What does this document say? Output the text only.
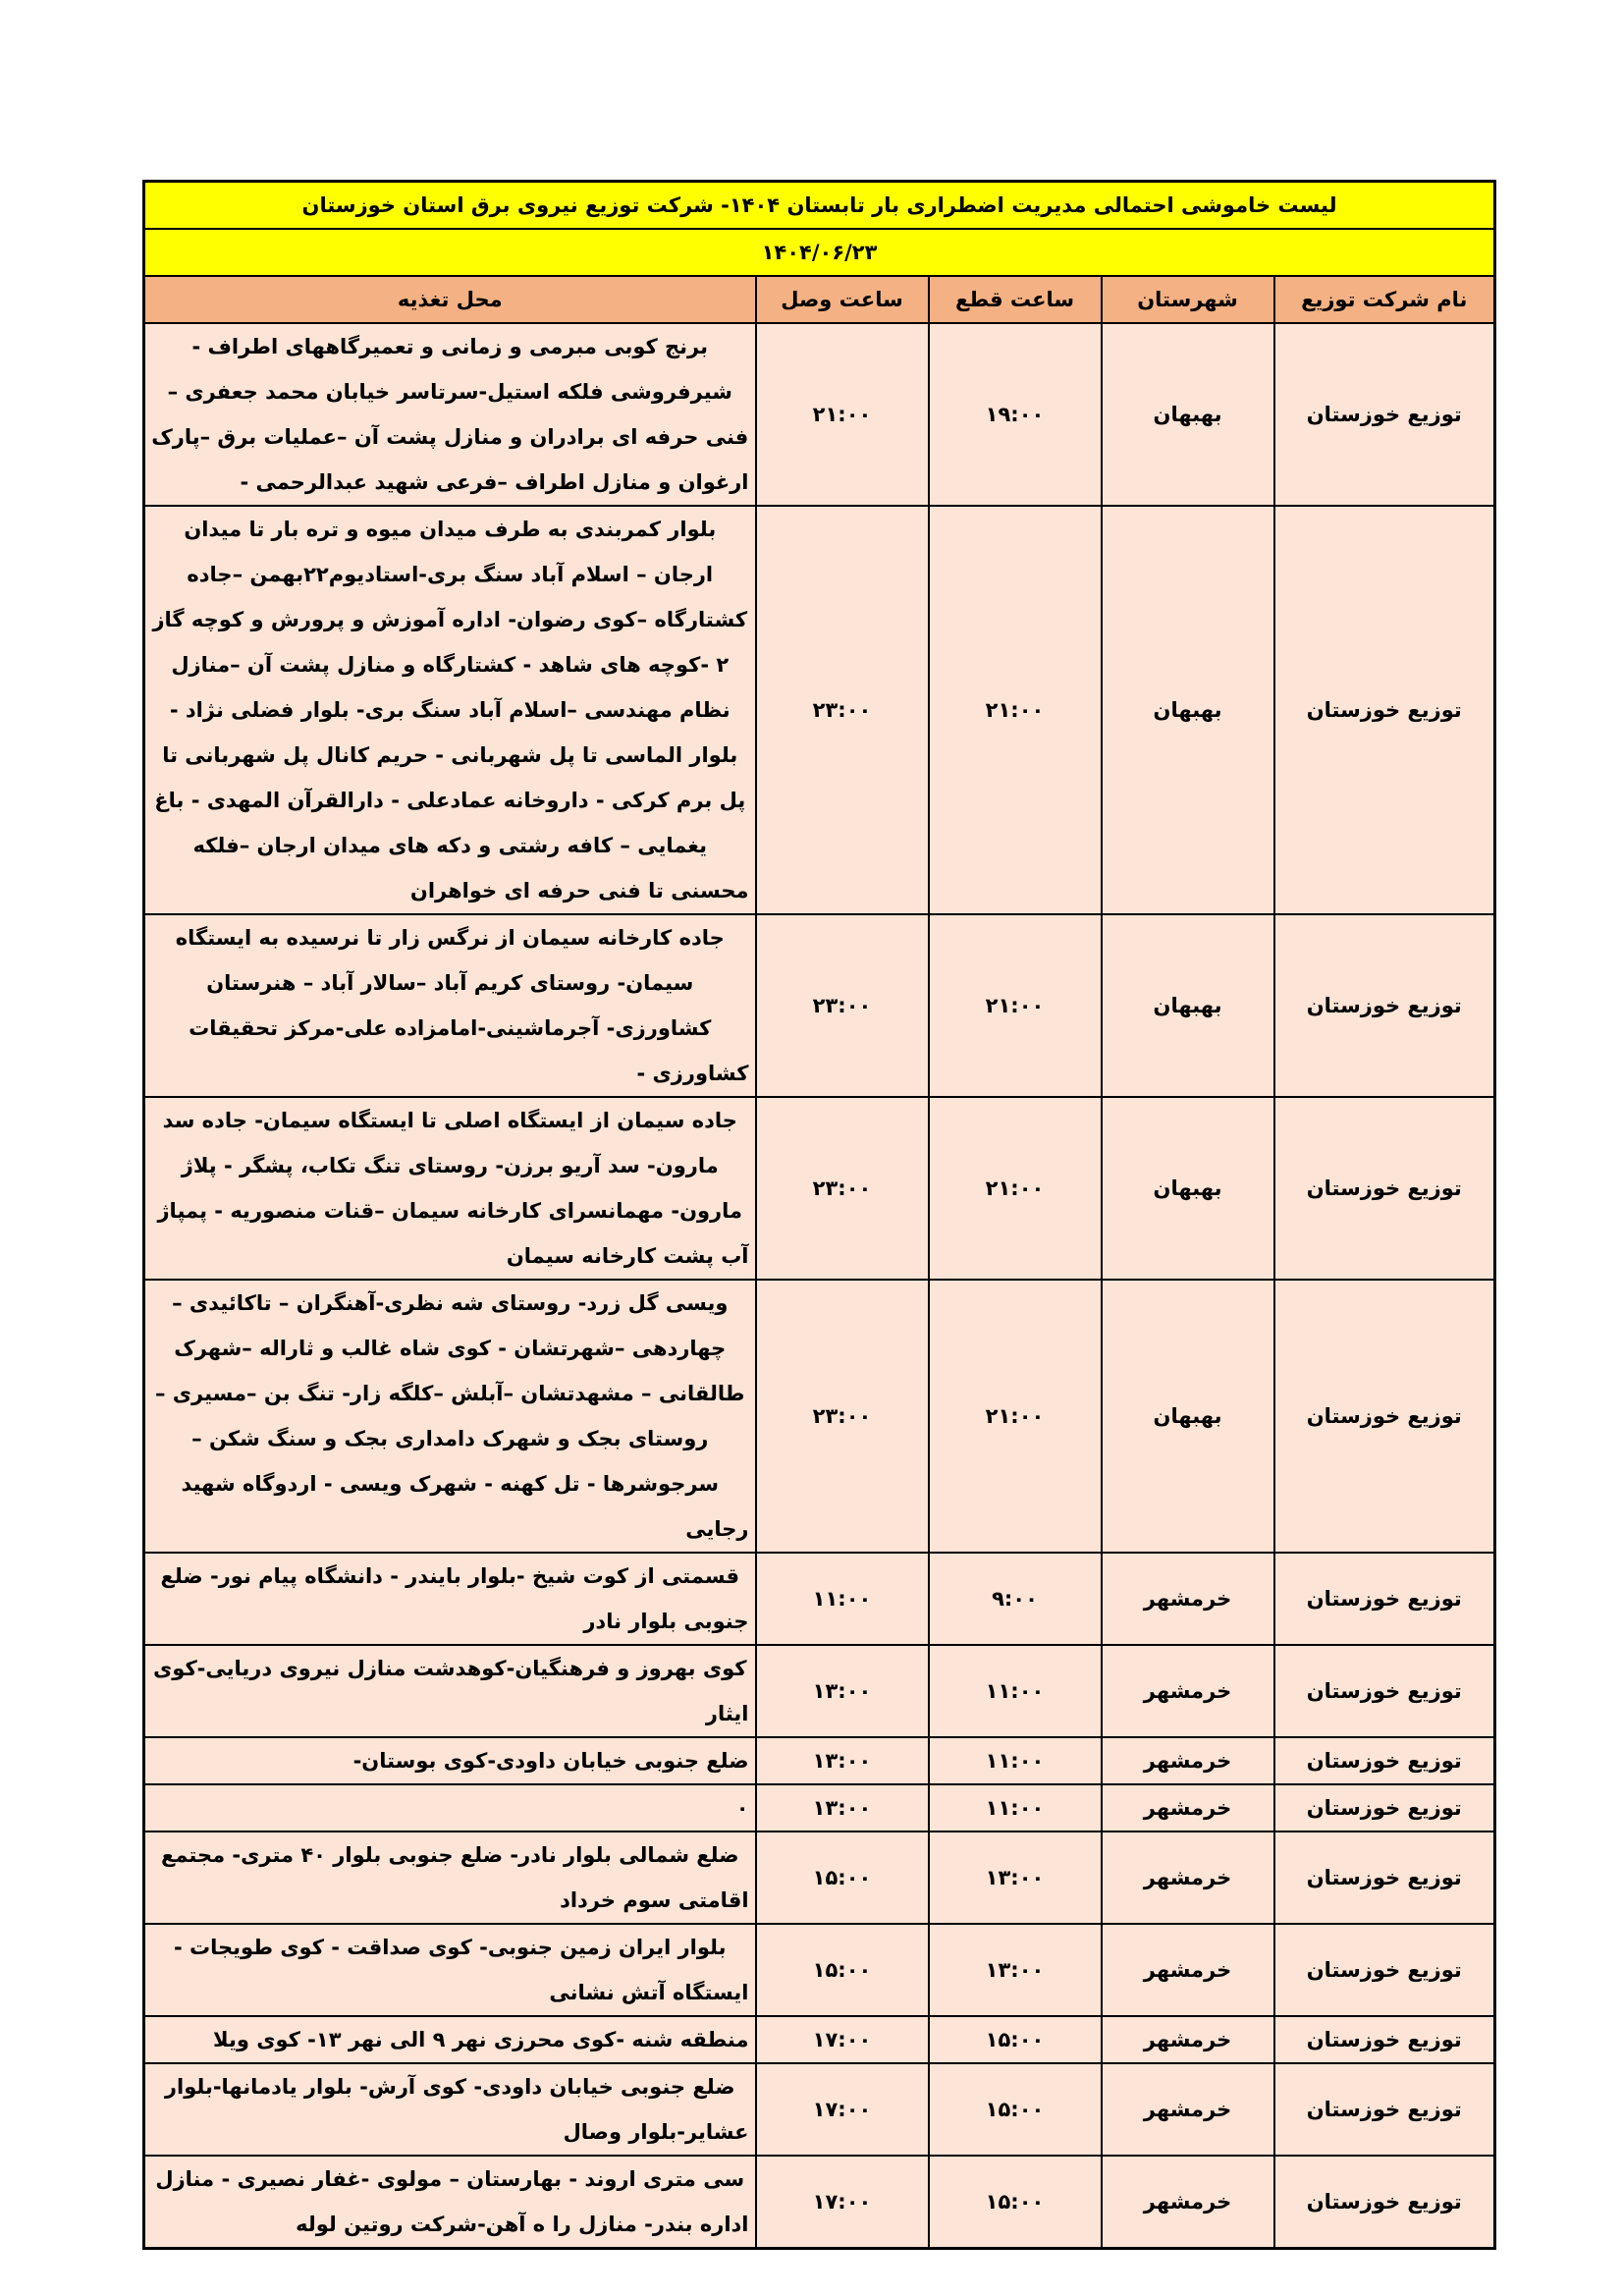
لیست خاموشی احتمالی مدیریت اضطراری بار تابستان ۱۴۰۴- شرکت توزیع نیروی برق استان خوزستان				
۱۴۰۴/۰۶/۲۳				
نام شرکت توزیع	شهرستان	ساعت قطع	ساعت وصل	محل تغذیه
توزیع خوزستان	بهبهان	۱۹:۰۰	۲۱:۰۰	برنج کوبی مبرمی و زمانی و تعمیرگاههای اطراف - شیرفروشی فلکه استیل-سرتاسر خیابان محمد جعفری –فنی حرفه ای برادران و منازل پشت آن –عملیات برق –پارک ارغوان و منازل اطراف –فرعی شهید عبدالرحمی -
توزیع خوزستان	بهبهان	۲۱:۰۰	۲۳:۰۰	بلوار کمربندی به طرف میدان میوه و تره بار تا میدان ارجان – اسلام آباد سنگ بری-استادیوم۲۲بهمن –جاده کشتارگاه –کوی رضوان- اداره آموزش و پرورش و کوچه گاز ۲ -کوچه های شاهد - کشتارگاه و منازل پشت آن –منازل نظام مهندسی –اسلام آباد سنگ بری- بلوار فضلی نژاد - بلوار الماسی تا پل شهربانی - حریم کانال پل شهربانی تا پل برم کرکی - داروخانه عمادعلی - دارالقرآن المهدی - باغ یغمایی – کافه رشتی و دکه های میدان ارجان –فلکه محسنی تا فنی حرفه ای خواهران
توزیع خوزستان	بهبهان	۲۱:۰۰	۲۳:۰۰	جاده کارخانه سیمان از نرگس زار تا نرسیده به ایستگاه سیمان- روستای کریم آباد –سالار آباد – هنرستان کشاورزی- آجرماشینی-امامزاده علی-مرکز تحقیقات کشاورزی -
توزیع خوزستان	بهبهان	۲۱:۰۰	۲۳:۰۰	جاده سیمان از ایستگاه اصلی تا ایستگاه سیمان- جاده سد مارون- سد آریو برزن- روستای تنگ تکاب، پشگر - پلاژ مارون- مهمانسرای کارخانه سیمان –قنات منصوریه - پمپاژ آب پشت کارخانه سیمان
توزیع خوزستان	بهبهان	۲۱:۰۰	۲۳:۰۰	ویسی گل زرد- روستای شه نظری-آهنگران – تاکائیدی – چهاردهی –شهرتشان - کوی شاه غالب و ثاراله –شهرک طالقانی – مشهدتشان –آبلش –کلگه زار- تنگ بن –مسیری – روستای بجک و شهرک دامداری بجک و سنگ شکن – سرجوشرها - تل کهنه - شهرک ویسی - اردوگاه شهید رجایی
توزیع خوزستان	خرمشهر	۹:۰۰	۱۱:۰۰	قسمتی از کوت شیخ -بلوار بایندر - دانشگاه پیام نور- ضلع جنوبی بلوار نادر
توزیع خوزستان	خرمشهر	۱۱:۰۰	۱۳:۰۰	کوی بهروز و فرهنگیان-کوهدشت منازل نیروی دریایی-کوی ایثار
توزیع خوزستان	خرمشهر	۱۱:۰۰	۱۳:۰۰	ضلع جنوبی خیابان داودی-کوی بوستان-
توزیع خوزستان	خرمشهر	۱۱:۰۰	۱۳:۰۰	۰
توزیع خوزستان	خرمشهر	۱۳:۰۰	۱۵:۰۰	ضلع شمالی بلوار نادر- ضلع جنوبی بلوار ۴۰ متری- مجتمع اقامتی سوم خرداد
توزیع خوزستان	خرمشهر	۱۳:۰۰	۱۵:۰۰	بلوار ایران زمین جنوبی- کوی صداقت - کوی طویجات - ایستگاه آتش نشانی
توزیع خوزستان	خرمشهر	۱۵:۰۰	۱۷:۰۰	منطقه شنه -کوی محرزی نهر ۹ الی نهر ۱۳- کوی ویلا
توزیع خوزستان	خرمشهر	۱۵:۰۰	۱۷:۰۰	ضلع جنوبی خیابان داودی- کوی آرش- بلوار یادمانها-بلوار عشایر-بلوار وصال
توزیع خوزستان	خرمشهر	۱۵:۰۰	۱۷:۰۰	سی متری اروند - بهارستان – مولوی -غفار نصیری - منازل اداره بندر- منازل را ه آهن-شرکت روتین لوله
